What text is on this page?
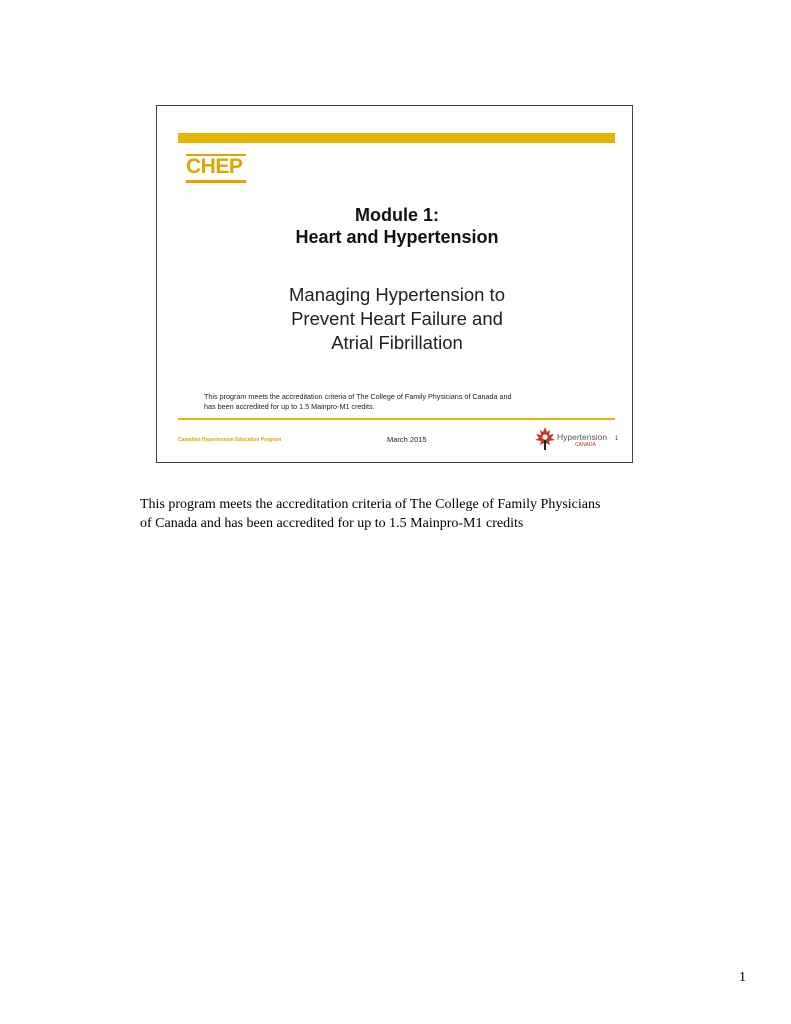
CHEP
Module 1:
Heart and Hypertension
Managing Hypertension to
Prevent Heart Failure and
Atrial Fibrillation
This program meets the accreditation criteria of The College of Family Physicians of Canada and
has been accredited for up to 1.5 Mainpro-M1 credits.
Canadian Hypertension Education Program	March 2015	Hypertension
CANADA
1
This program meets the accreditation criteria of The College of Family Physicians
of Canada and has been accredited for up to 1.5 Mainpro-M1 credits
1
